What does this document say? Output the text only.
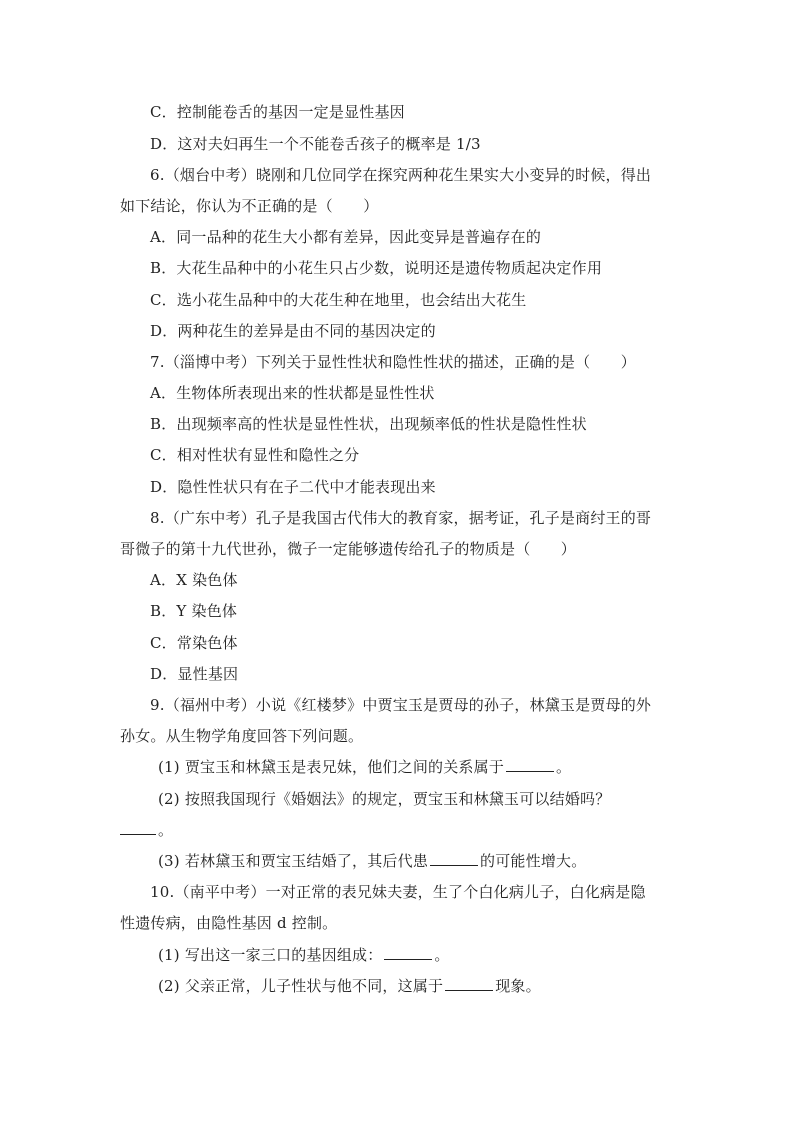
C．控制能卷舌的基因一定是显性基因
D．这对夫妇再生一个不能卷舌孩子的概率是 1/3
6.（烟台中考）晓刚和几位同学在探究两种花生果实大小变异的时候，得出
如下结论，你认为不正确的是（　　）
A．同一品种的花生大小都有差异，因此变异是普遍存在的
B．大花生品种中的小花生只占少数，说明还是遗传物质起决定作用
C．选小花生品种中的大花生种在地里，也会结出大花生
D．两种花生的差异是由不同的基因决定的
7.（淄博中考）下列关于显性性状和隐性性状的描述，正确的是（　　）
A．生物体所表现出来的性状都是显性性状
B．出现频率高的性状是显性性状，出现频率低的性状是隐性性状
C．相对性状有显性和隐性之分
D．隐性性状只有在子二代中才能表现出来
8.（广东中考）孔子是我国古代伟大的教育家，据考证，孔子是商纣王的哥
哥微子的第十九代世孙，微子一定能够遗传给孔子的物质是（　　）
A．X 染色体
B．Y 染色体
C．常染色体
D．显性基因
9.（福州中考）小说《红楼梦》中贾宝玉是贾母的孙子，林黛玉是贾母的外
孙女。从生物学角度回答下列问题。
(1) 贾宝玉和林黛玉是表兄妹，他们之间的关系属于	。
(2) 按照我国现行《婚姻法》的规定，贾宝玉和林黛玉可以结婚吗？
。
(3) 若林黛玉和贾宝玉结婚了，其后代患	的可能性增大。
10.（南平中考）一对正常的表兄妹夫妻，生了个白化病儿子，白化病是隐
性遗传病，由隐性基因 d 控制。
(1) 写出这一家三口的基因组成：	。
(2) 父亲正常，儿子性状与他不同，这属于	现象。
